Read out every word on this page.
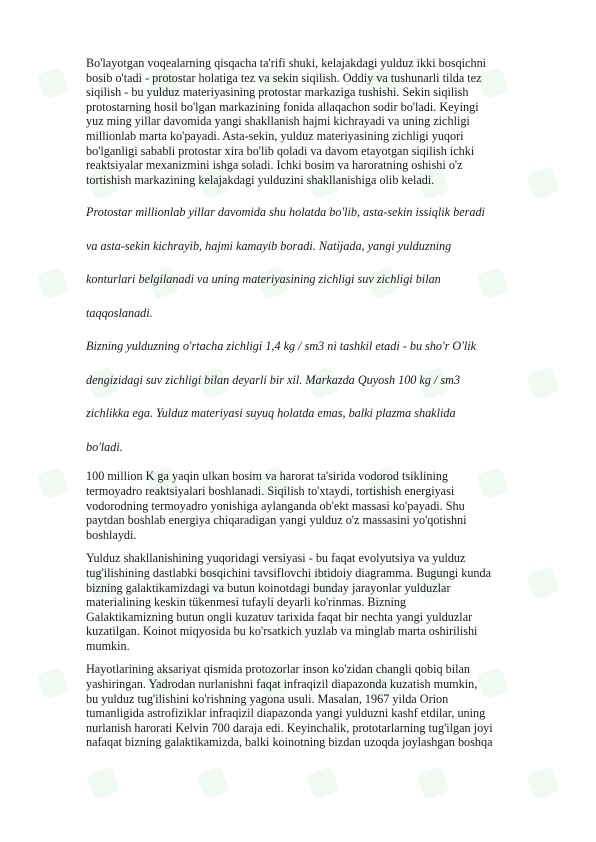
Bo'layotgan voqealarning qisqacha ta'rifi shuki, kelajakdagi yulduz ikki bosqichni
bosib o'tadi - protostar holatiga tez va sekin siqilish. Oddiy va tushunarli tilda tez
siqilish - bu yulduz materiyasining protostar markaziga tushishi. Sekin siqilish
protostarning hosil bo'lgan markazining fonida allaqachon sodir bo'ladi. Keyingi
yuz ming yillar davomida yangi shakllanish hajmi kichrayadi va uning zichligi
millionlab marta ko'payadi. Asta-sekin, yulduz materiyasining zichligi yuqori
bo'lganligi sababli protostar xira bo'lib qoladi va davom etayotgan siqilish ichki
reaktsiyalar mexanizmini ishga soladi. Ichki bosim va haroratning oshishi o'z
tortishish markazining kelajakdagi yulduzini shakllanishiga olib keladi.

Protostar millionlab yillar davomida shu holatda bo'lib, asta-sekin issiqlik beradi
va asta-sekin kichrayib, hajmi kamayib boradi. Natijada, yangi yulduzning
konturlari belgilanadi va uning materiyasining zichligi suv zichligi bilan
taqqoslanadi.

Bizning yulduzning o'rtacha zichligi 1,4 kg / sm3 ni tashkil etadi - bu sho'r O'lik
dengizidagi suv zichligi bilan deyarli bir xil. Markazda Quyosh 100 kg / sm3
zichlikka ega. Yulduz materiyasi suyuq holatda emas, balki plazma shaklida
bo'ladi.

100 million K ga yaqin ulkan bosim va harorat ta'sirida vodorod tsiklining
termoyadro reaktsiyalari boshlanadi. Siqilish to'xtaydi, tortishish energiyasi
vodorodning termoyadro yonishiga aylanganda ob'ekt massasi ko'payadi. Shu
paytdan boshlab energiya chiqaradigan yangi yulduz o'z massasini yo'qotishni
boshlaydi.

Yulduz shakllanishining yuqoridagi versiyasi - bu faqat evolyutsiya va yulduz
tug'ilishining dastlabki bosqichini tavsiflovchi ibtidoiy diagramma. Bugungi kunda
bizning galaktikamizdagi va butun koinotdagi bunday jarayonlar yulduzlar
materialining keskin tükenmesi tufayli deyarli ko'rinmas. Bizning
Galaktikamizning butun ongli kuzatuv tarixida faqat bir nechta yangi yulduzlar
kuzatilgan. Koinot miqyosida bu ko'rsatkich yuzlab va minglab marta oshirilishi
mumkin.

Hayotlarining aksariyat qismida protozorlar inson ko'zidan changli qobiq bilan
yashiringan. Yadrodan nurlanishni faqat infraqizil diapazonda kuzatish mumkin,
bu yulduz tug'ilishini ko'rishning yagona usuli. Masalan, 1967 yilda Orion
tumanligida astrofiziklar infraqizil diapazonda yangi yulduzni kashf etdilar, uning
nurlanish harorati Kelvin 700 daraja edi. Keyinchalik, prototarlarning tug'ilgan joyi
nafaqat bizning galaktikamizda, balki koinotning bizdan uzoqda joylashgan boshqa
